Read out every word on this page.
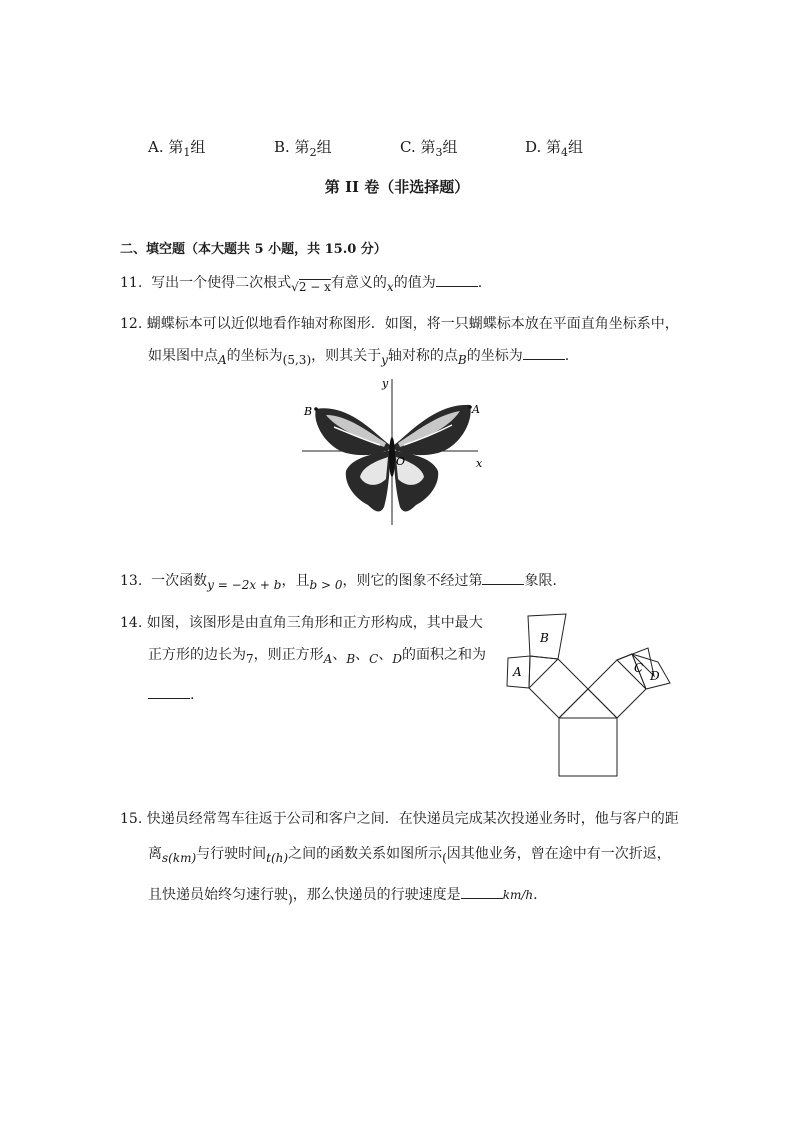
A. 第$_1$组	B. 第$_2$组	C. 第$_3$组	D. 第$_4$组
第 II 卷（非选择题）
二、填空题（本大题共 5 小题，共 15.0 分）
11. 写出一个使得二次根式√2 − x有意义的x的值为	.
12. 蝴蝶标本可以近似地看作轴对称图形．如图，将一只蝴蝶标本放在平面直角坐标系中，
如果图中点A的坐标为(5,3)，则其关于y轴对称的点B的坐标为	.
B	A
O	x
y
13. 一次函数y = −2x + b，且b > 0，则它的图象不经过第	象限．
14. 如图，该图形是由直角三角形和正方形构成，其中最大
正方形的边长为7，则正方形A、B、C、D的面积之和为
.
B
A	C
D
15. 快递员经常驾车往返于公司和客户之间．在快递员完成某次投递业务时，他与客户的距
离s(km)与行驶时间t(h)之间的函数关系如图所示(因其他业务，曾在途中有一次折返，
且快递员始终匀速行驶)，那么快递员的行驶速度是	km/h.
